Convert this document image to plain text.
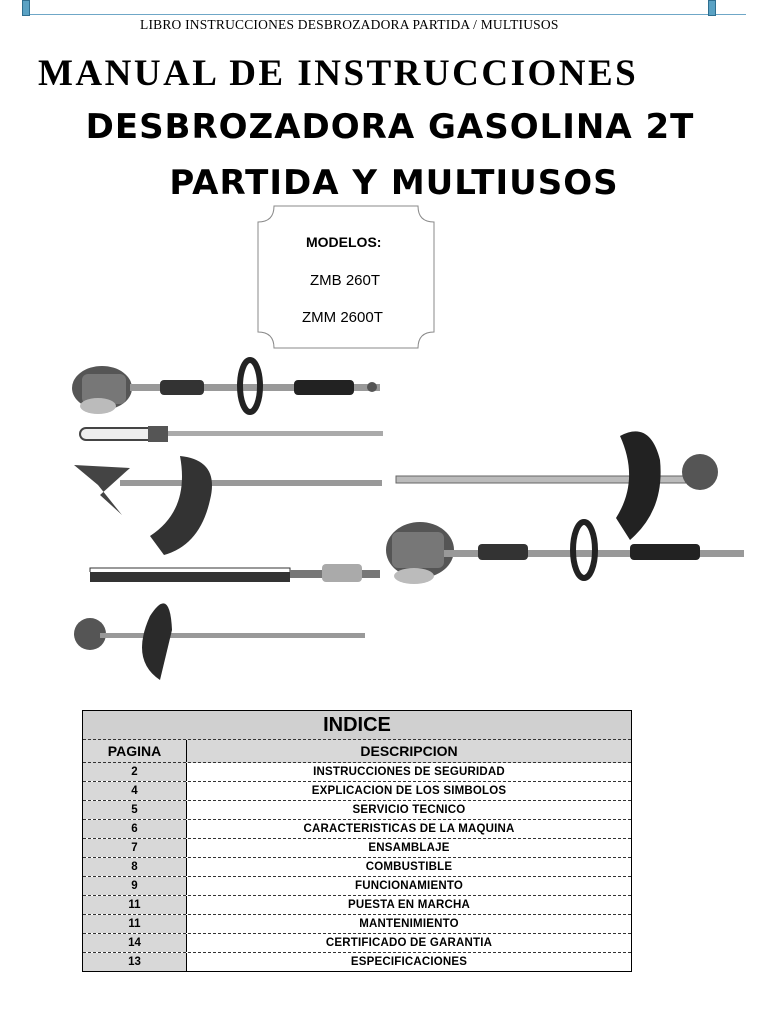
LIBRO INSTRUCCIONES DESBROZADORA PARTIDA / MULTIUSOS
MANUAL DE INSTRUCCIONES
DESBROZADORA GASOLINA 2T
PARTIDA Y MULTIUSOS
MODELOS:
ZMB 260T
ZMM 2600T
INDICE
PAGINA	DESCRIPCION
2	INSTRUCCIONES DE SEGURIDAD
4	EXPLICACION DE LOS SIMBOLOS
5	SERVICIO TECNICO
6	CARACTERISTICAS DE LA MAQUINA
7	ENSAMBLAJE
8	COMBUSTIBLE
9	FUNCIONAMIENTO
11	PUESTA EN MARCHA
11	MANTENIMIENTO
14	CERTIFICADO DE GARANTIA
13	ESPECIFICACIONES
